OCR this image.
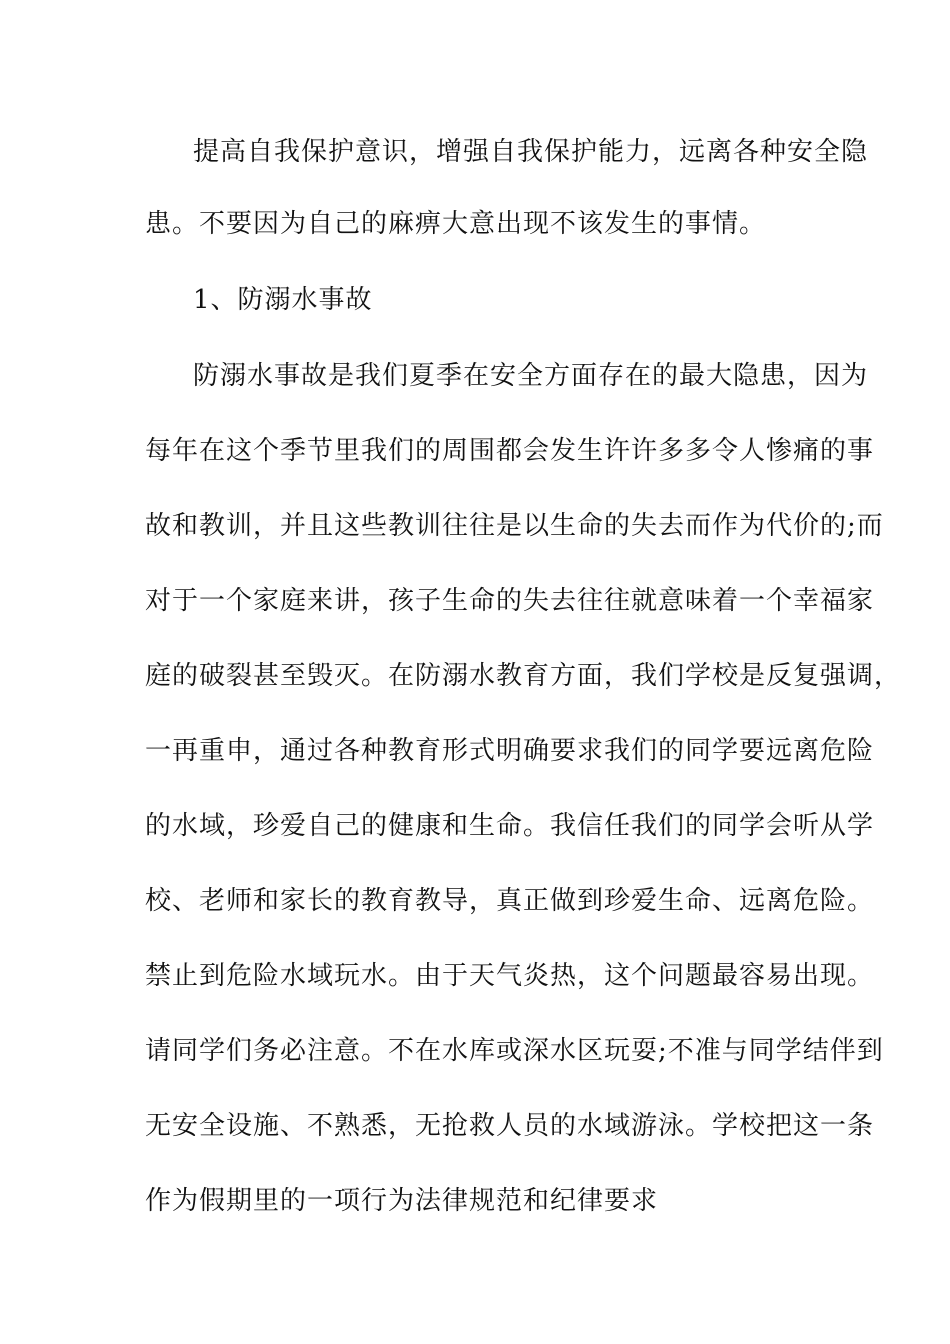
提高自我保护意识，增强自我保护能力，远离各种安全隐
患。不要因为自己的麻痹大意出现不该发生的事情。
1、防溺水事故
防溺水事故是我们夏季在安全方面存在的最大隐患，因为
每年在这个季节里我们的周围都会发生许许多多令人惨痛的事
故和教训，并且这些教训往往是以生命的失去而作为代价的;而
对于一个家庭来讲，孩子生命的失去往往就意味着一个幸福家
庭的破裂甚至毁灭。在防溺水教育方面，我们学校是反复强调，
一再重申，通过各种教育形式明确要求我们的同学要远离危险
的水域，珍爱自己的健康和生命。我信任我们的同学会听从学
校、老师和家长的教育教导，真正做到珍爱生命、远离危险。
禁止到危险水域玩水。由于天气炎热，这个问题最容易出现。
请同学们务必注意。不在水库或深水区玩耍;不准与同学结伴到
无安全设施、不熟悉，无抢救人员的水域游泳。学校把这一条
作为假期里的一项行为法律规范和纪律要求
